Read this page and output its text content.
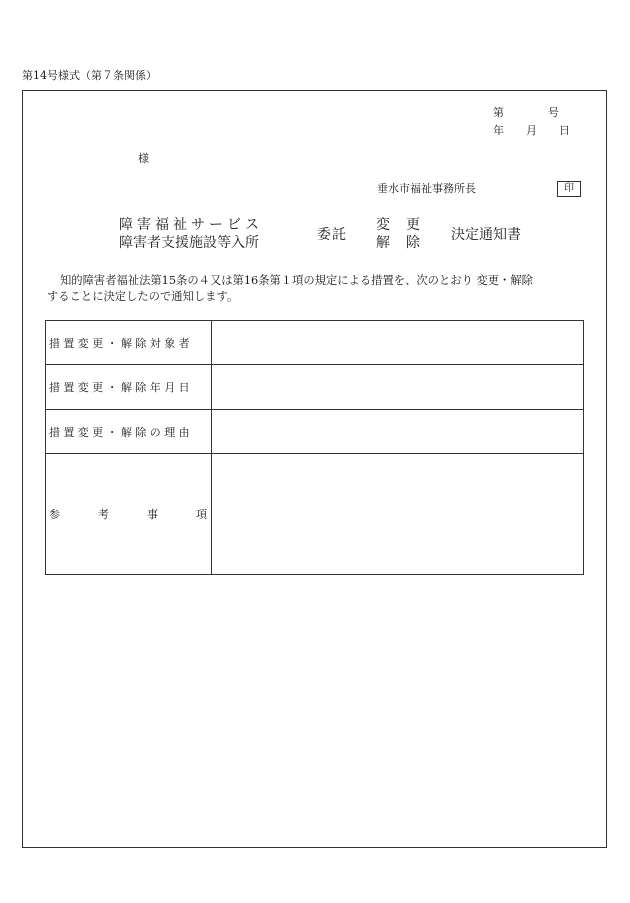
第14号様式（第７条関係）
第　　　　号
年　　月　　日
様
垂水市福祉事務所長	印
障害福祉サービス
障害者支援施設等入所	委託
変　更
解　除 決定通知書
知的障害者福祉法第15条の４又は第16条第１項の規定による措置を、次のとおり 変更・解除
することに決定したので通知します。
措置変更・解除対象者	
措置変更・解除年月日	
措置変更・解除の理由	

参 考 事 項	
